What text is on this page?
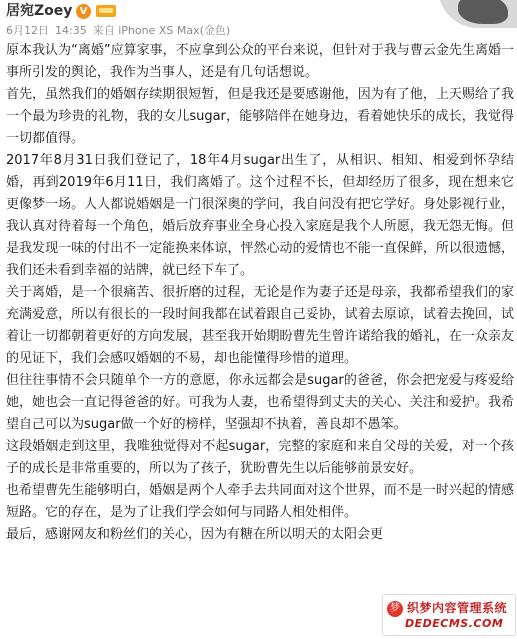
居宛Zoey V
6月12日 14:35 来自 iPhone XS Max(金色)

原本我认为“离婚”应算家事，不应拿到公众的平台来说，但针对于我与曹云金先生离婚一事所引发的舆论，我作为当事人，还是有几句话想说。

首先，虽然我们的婚姻存续期很短暂，但是我还是要感谢他，因为有了他，上天赐给了我一个最为珍贵的礼物，我的女儿sugar，能够陪伴在她身边，看着她快乐的成长，我觉得一切都值得。

2017年8月31日我们登记了，18年4月sugar出生了，从相识、相知、相爱到怀孕结婚，再到2019年6月11日，我们离婚了。这个过程不长，但却经历了很多，现在想来它更像梦一场。人人都说婚姻是一门很深奥的学问，我自问没有把它学好。身处影视行业，我认真对待着每一个角色，婚后放弃事业全身心投入家庭是我个人所愿，我无怨无悔。但是我发现一味的付出不一定能换来体谅，怦然心动的爱情也不能一直保鲜，所以很遗憾，我们还未看到幸福的站牌，就已经下车了。

关于离婚，是一个很痛苦、很折磨的过程，无论是作为妻子还是母亲，我都希望我们的家充满爱意，所以有很长的一段时间我都在试着跟自己妥协，试着去原谅，试着去挽回，试着让一切都朝着更好的方向发展，甚至我开始期盼曹先生曾许诺给我的婚礼，在一众亲友的见证下，我们会感叹婚姻的不易，却也能懂得珍惜的道理。

但往往事情不会只随单个一方的意愿，你永远都会是sugar的爸爸，你会把宠爱与疼爱给她，她也会一直记得爸爸的好。可我为人妻，也希望得到丈夫的关心、关注和爱护。我希望自己可以为sugar做一个好的榜样，坚强却不执着，善良却不愚笨。

这段婚姻走到这里，我唯独觉得对不起sugar，完整的家庭和来自父母的关爱，对一个孩子的成长是非常重要的，所以为了孩子，犹盼曹先生以后能够前景安好。

也希望曹先生能够明白，婚姻是两个人牵手去共同面对这个世界，而不是一时兴起的情感短路。它的存在，是为了让我们学会如何与同路人相处相伴。

最后，感谢网友和粉丝们的关心，因为有糖在所以明天的太阳会更

梦 织梦内容管理系统
DEDECMS.COM
